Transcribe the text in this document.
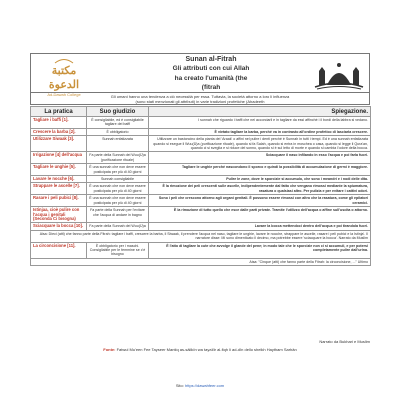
مكتبة الدعوة
Ad-Dawah College
Sunan al-Fitrah
Gli attributi con cui Allah
ha creato l'umanità (the
(fitrah
Gli umani hanno una tendenza a ciò necessità per essa. Tuttavia, la società attorno a loro li influenza
(sono stati menzionati gli attributi) in varie tradizioni profetiche (Ahadeeth
La pratica	Suo giudizio	Spiegazione.
Tagliare i baffi [1].	È consigliabile, ed è consigliabile tagliare dei baffi	I sunnah che riguardo i baffi che nei accorciarli e in tagliare da essi affinché i il bordi della labbra si vedano.
Crescere la barba [2].	È obbligatorio	È vietato tagliare la barba, perché va in contrasto all'ordine profetico di lasciarla crescere.
Utilizzare Siwaak [3].	Sunnah enfatizzata	Utilizzare un bastoncino della pianta del 'Araak' o affini nel pulire i denti perché è Sunnah in tutti i tempi. Ed è una sunnah enfatizzata quando si esegue il Wuu(Ü)a (purificazione rituale), quando si fa Salah, quando si entra in moschea o casa, quando si legge il Qura'an, quando ci si sveglia e si riduce del sonno, quando si è sul letto di morte e quando si cambia l'odore della bocca.
Irrigazione [4] dell'acqua	Fa parte della Sunnah del Wuu(Ü)a (purificazione rituale)	Sciacquare il naso infilando in esso l'acqua e poi farla fuori.
Tagliare le unghie [5].	È una sunnah che non deve essere posticipata per più di 40 giorni	Tagliare le unghie perché nascondono il sporco e quindi la possibilità di accumulazione di germi è maggiore.
Lavare le nocche [6].	Sunnah consigliabile	Pulire le zone, dove le sporcizie si accumulo, che sono i meandri e i nodi delle dita.
Strappare le ascelle [7].	È una sunnah che non deve essere posticipata per più di 40 giorni	È la rimozione dei peli crescenti sulle ascelle, indipendentemente dal fatto che vengano rimossi mediante la spiumatura, rasatura o qualsiasi altro. Per pulizia e per evitare i cattivi odori.
Rasare i peli pubici [8].	È una sunnah che non deve essere posticipata per più di 40 giorni	Sono i peli che crescono attorno agli organi genitali. È possono essere rimossi con altro che la rasatura, come gli epilatori ceramici.
Istinjaa, cioè pulire con l'acqua i genitali (Seconda Ci bisogna)	Fa parte della Sunnah per l'evitare che l'acqua di andare in bagno	È la rimozione di tutto quello che esce dalle parti private. Tramite l'utilizzo dell'acqua o affine sull'uscita o attorno.
Sciacquare la bocca [10].	Fa parte della Sunnah del Wuu(Ü)a	Lavare la bocca mettendoci dentro dell'acqua e poi tirandola fuori.
Aisa: Dieci (atti) che fanno parte della Fitrah: tagliare i baffi, crescere la barba, il Siwaak, il prendere l'acqua nel naso, tagliare le unghie, lavare le nocche, strappare le ascelle, rasare i peli pubici e la Istinja'. Il narratore disse: Mi sono dimenticato il decimo, ma potrebbe essere 'sciacquare la bocca'. Narrato da Muslim		
La circoncisione [11].	È obbligatorio per i maschi. Consigliabile per le femmine se c'è bisogno	È l'atto di tagliare la cute che avvolge il glande del pene; in modo tale che le sporcizie non ci si accumuli, e per potersi completamente pulire dall'urina.
Aisa: "Cinque (atti) che fanno parte della Fitrah: la circoncisione, ..." Ultimo		
Narrato da Bukhari e Muslim
Fonte: Fatwul Mu'een Fee Tayseer Mantiq as-sâlikîn wa tayaîiîr al-fiqh li ad-dîn dello sheikh Haytham Sarhân
Sito: https://dawahfeer.com
